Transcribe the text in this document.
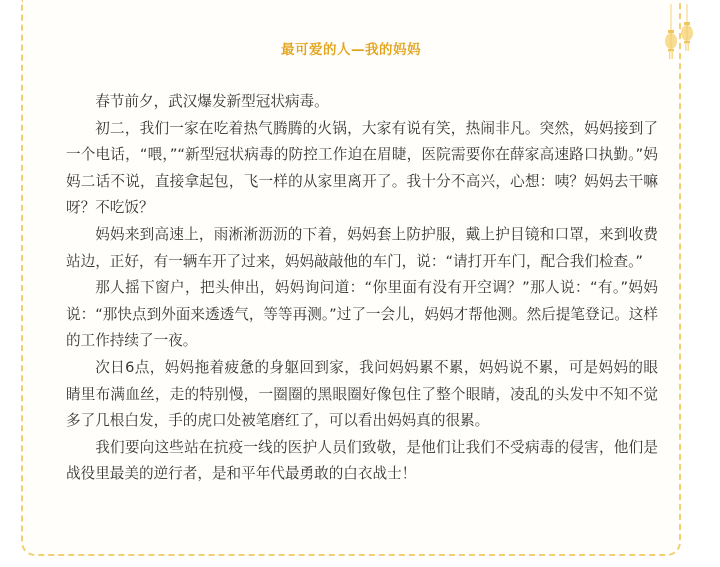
最可爱的人—我的妈妈

春节前夕，武汉爆发新型冠状病毒。

初二，我们一家在吃着热气腾腾的火锅，大家有说有笑，热闹非凡。突然，妈妈接到了一个电话，“喂，”“新型冠状病毒的防控工作迫在眉睫，医院需要你在薛家高速路口执勤。”妈妈二话不说，直接拿起包，飞一样的从家里离开了。我十分不高兴，心想：咦？妈妈去干嘛呀？不吃饭？

妈妈来到高速上，雨淅淅沥沥的下着，妈妈套上防护服，戴上护目镜和口罩，来到收费站边，正好，有一辆车开了过来，妈妈敲敲他的车门，说：“请打开车门，配合我们检查。”

那人摇下窗户，把头伸出，妈妈询问道：“你里面有没有开空调？”那人说：“有。”妈妈说：“那快点到外面来透透气，等等再测。”过了一会儿，妈妈才帮他测。然后提笔登记。这样的工作持续了一夜。

次日6点，妈妈拖着疲惫的身躯回到家，我问妈妈累不累，妈妈说不累，可是妈妈的眼睛里布满血丝，走的特别慢，一圈圈的黑眼圈好像包住了整个眼睛，凌乱的头发中不知不觉多了几根白发，手的虎口处被笔磨红了，可以看出妈妈真的很累。

我们要向这些站在抗疫一线的医护人员们致敬，是他们让我们不受病毒的侵害，他们是战役里最美的逆行者，是和平年代最勇敢的白衣战士！
